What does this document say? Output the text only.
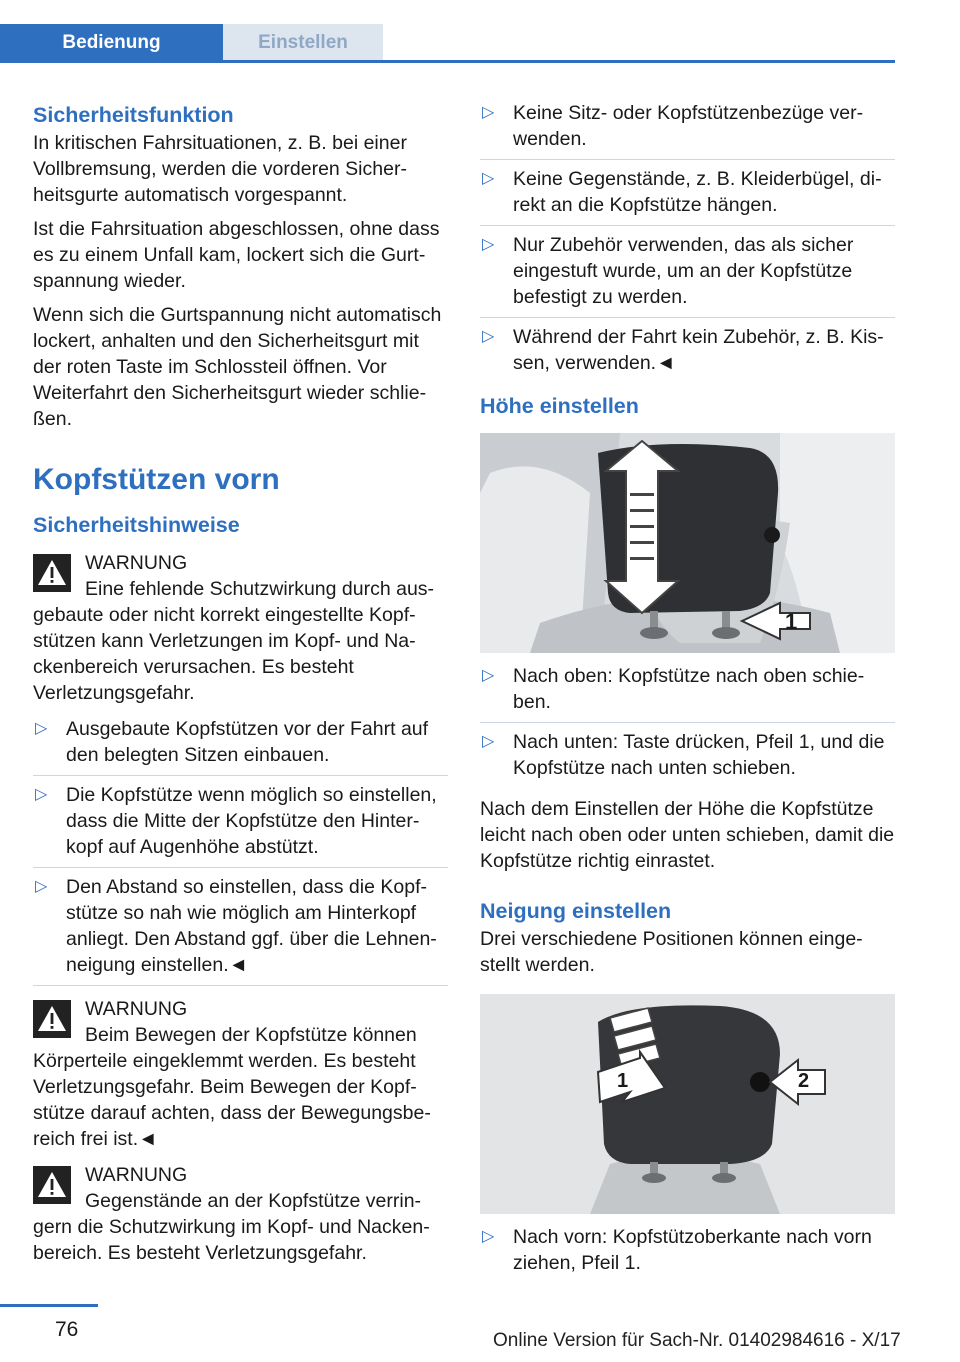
Bedienung	Einstellen
Sicherheitsfunktion

In kritischen Fahrsituationen, z. B. bei einer Vollbremsung, werden die vorderen Sicherheitsgurte automatisch vorgespannt.

Ist die Fahrsituation abgeschlossen, ohne dass es zu einem Unfall kam, lockert sich die Gurtspannung wieder.

Wenn sich die Gurtspannung nicht automatisch lockert, anhalten und den Sicherheitsgurt mit der roten Taste im Schlossteil öffnen. Vor Weiterfahrt den Sicherheitsgurt wieder schließen.

Kopfstützen vorn
Sicherheitshinweise
WARNUNG
Eine fehlende Schutzwirkung durch ausgebaute oder nicht korrekt eingestellte Kopfstützen kann Verletzungen im Kopf- und Nackenbereich verursachen. Es besteht Verletzungsgefahr.
▷ Ausgebaute Kopfstützen vor der Fahrt auf den belegten Sitzen einbauen.
▷ Die Kopfstütze wenn möglich so einstellen, dass die Mitte der Kopfstütze den Hinterkopf auf Augenhöhe abstützt.
▷ Den Abstand so einstellen, dass die Kopfstütze so nah wie möglich am Hinterkopf anliegt. Den Abstand ggf. über die Lehnenneigung einstellen.◄
WARNUNG
Beim Bewegen der Kopfstütze können Körperteile eingeklemmt werden. Es besteht Verletzungsgefahr. Beim Bewegen der Kopfstütze darauf achten, dass der Bewegungsbereich frei ist.◄
WARNUNG
Gegenstände an der Kopfstütze verringern die Schutzwirkung im Kopf- und Nackenbereich. Es besteht Verletzungsgefahr.
▷ Keine Sitz- oder Kopfstützenbezüge verwenden.
▷ Keine Gegenstände, z. B. Kleiderbügel, direkt an die Kopfstütze hängen.
▷ Nur Zubehör verwenden, das als sicher eingestuft wurde, um an der Kopfstütze befestigt zu werden.
▷ Während der Fahrt kein Zubehör, z. B. Kissen, verwenden.◄
Höhe einstellen
1
▷ Nach oben: Kopfstütze nach oben schieben.
▷ Nach unten: Taste drücken, Pfeil 1, und die Kopfstütze nach unten schieben.

Nach dem Einstellen der Höhe die Kopfstütze leicht nach oben oder unten schieben, damit die Kopfstütze richtig einrastet.

Neigung einstellen

Drei verschiedene Positionen können eingestellt werden.

1	2
▷ Nach vorn: Kopfstützoberkante nach vorn ziehen, Pfeil 1.
76	Online Version für Sach-Nr. 01402984616 - X/17
